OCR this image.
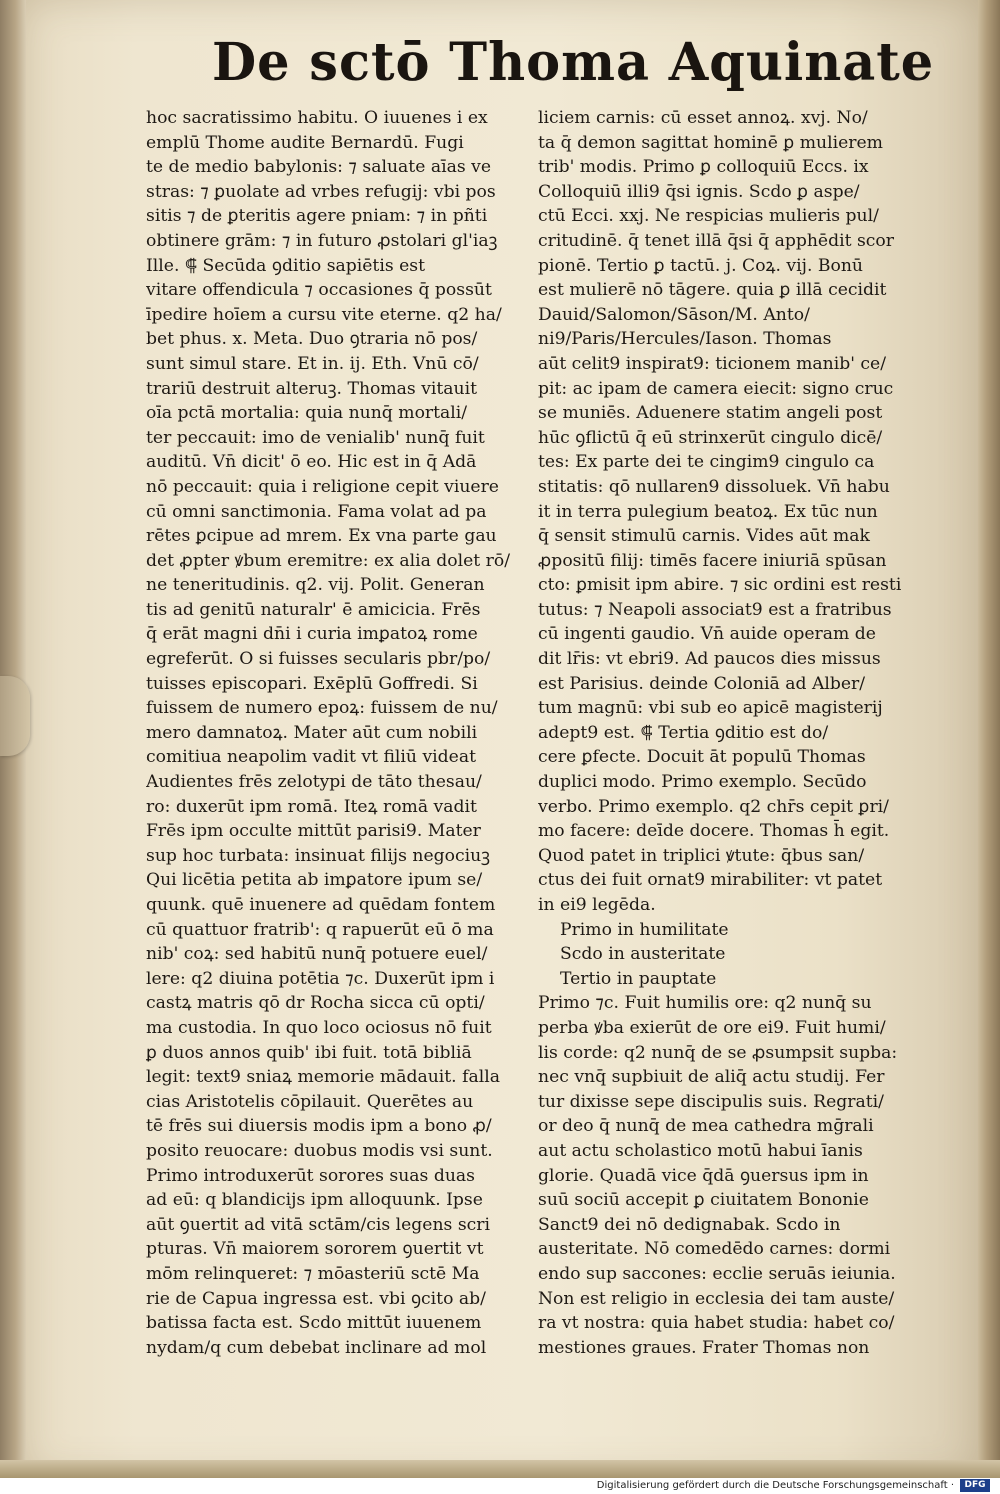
De sctō Thoma Aquinate
hoc sacratissimo habitu. O iuuenes i ex
emplū Thome audite Bernardū. Fugi
te de medio babylonis: ⁊ saluate aīas ve
stras: ⁊ ꝑuolate ad vrbes refugij: vbi pos
sitis ⁊ de ꝑteritis agere pniam: ⁊ in pñti
obtinere grām: ⁊ in futuro ꝓstolari gl'iaꝫ
Ille. ⸿ Secūda ꝯditio sapiētis est
vitare offendicula ⁊ occasiones q̄ possūt
īpedire hoīem a cursu vite eterne. q2 ha/
bet phus. x. Meta. Duo ꝯtraria nō pos/
sunt simul stare. Et in. ij. Eth. Vnū cō/
trariū destruit alteruꝫ. Thomas vitauit
oīa pctā mortalia: quia nunq̄ mortali/
ter peccauit: imo de venialib' nunq̄ fuit
auditū. Vn̄ dicit' ō eo. Hic est in q̄ Adā
nō peccauit: quia i religione cepit viuere
cū omni sanctimonia. Fama volat ad pa
rētes ꝑcipue ad mrem. Ex vna parte gau
det ꝓpter ꝟbum eremitre: ex alia dolet rō/
ne teneritudinis. q2. vij. Polit. Generan
tis ad genitū naturalr' ē amicicia. Frēs
q̄ erāt magni dn̄i i curia imꝑatoꝝ rome
egreferūt. O si fuisses secularis pbr/po/
tuisses episcopari. Exēplū Goffredi. Si
fuissem de numero epoꝝ: fuissem de nu/
mero damnatoꝝ. Mater aūt cum nobili
comitiua neapolim vadit vt filiū videat
Audientes frēs zelotypi de tāto thesau/
ro: duxerūt ipm romā. Iteꝝ romā vadit
Frēs ipm occulte mittūt parisi9. Mater
sup hoc turbata: insinuat filijs negociuꝫ
Qui licētia petita ab imꝑatore ipum se/
quunk. quē inuenere ad quēdam fontem
cū quattuor fratrib': q rapuerūt eū ō ma
nib' coꝝ: sed habitū nunq̄ potuere euel/
lere: q2 diuina potētia ⁊c. Duxerūt ipm i
castꝝ matris qō dr Rocha sicca cū opti/
ma custodia. In quo loco ociosus nō fuit
ꝑ duos annos quib' ibi fuit. totā bibliā
legit: text9 sniaꝝ memorie mādauit. falla
cias Aristotelis cōpilauit. Querētes au
tē frēs sui diuersis modis ipm a bono ꝓ/
posito reuocare: duobus modis vsi sunt.
Primo introduxerūt sorores suas duas
ad eū: q blandicijs ipm alloquunk. Ipse
aūt ꝯuertit ad vitā sctām/cis legens scri
pturas. Vn̄ maiorem sororem ꝯuertit vt
mōm relinqueret: ⁊ mōasteriū sctē Ma
rie de Capua ingressa est. vbi ꝯcito ab/
batissa facta est. Scdo mittūt iuuenem
nydam/q cum debebat inclinare ad mol
liciem carnis: cū esset annoꝝ. xvj. No/
ta q̄ demon sagittat hominē ꝑ mulierem
trib' modis. Primo ꝑ colloquiū Eccs. ix
Colloquiū illi9 q̄si ignis. Scdo ꝑ aspe/
ctū Ecci. xxj. Ne respicias mulieris pul/
critudinē. q̄ tenet illā q̄si q̄ apphēdit scor
pionē. Tertio ꝑ tactū. j. Coꝝ. vij. Bonū
est mulierē nō tāgere. quia ꝑ illā cecidit
Dauid/Salomon/Sāson/M. Anto/
ni9/Paris/Hercules/Iason. Thomas
aūt celit9 inspirat9: ticionem manib' ce/
pit: ac ipam de camera eiecit: signo cruc
se muniēs. Aduenere statim angeli post
hūc ꝯflictū q̄ eū strinxerūt cingulo dicē/
tes: Ex parte dei te cingim9 cingulo ca
stitatis: qō nullaren9 dissoluek. Vn̄ habu
it in terra pulegium beatoꝝ. Ex tūc nun
q̄ sensit stimulū carnis. Vides aūt mak
ꝓpositū filij: timēs facere iniuriā spūsan
cto: ꝑmisit ipm abire. ⁊ sic ordini est resti
tutus: ⁊ Neapoli associat9 est a fratribus
cū ingenti gaudio. Vn̄ auide operam de
dit lr̄is: vt ebri9. Ad paucos dies missus
est Parisius. deinde Coloniā ad Alber/
tum magnū: vbi sub eo apicē magisterij
adept9 est. ⸿ Tertia ꝯditio est do/
cere ꝑfecte. Docuit āt populū Thomas
duplici modo. Primo exemplo. Secūdo
verbo. Primo exemplo. q2 chr̄s cepit ꝑri/
mo facere: deīde docere. Thomas h̄ egit.
Quod patet in triplici ꝟtute: q̄bus san/
ctus dei fuit ornat9 mirabiliter: vt patet
in ei9 legēda.
Primo in humilitate
Scdo in austeritate
Tertio in pauptate
Primo ⁊c. Fuit humilis ore: q2 nunq̄ su
perba ꝟba exierūt de ore ei9. Fuit humi/
lis corde: q2 nunq̄ de se ꝓsumpsit supba:
nec vnq̄ supbiuit de aliq̄ actu studij. Fer
tur dixisse sepe discipulis suis. Regrati/
or deo q̄ nunq̄ de mea cathedra mḡrali
aut actu scholastico motū habui īanis
glorie. Quadā vice q̄dā ꝯuersus ipm in
suū sociū accepit ꝑ ciuitatem Bononie
Sanct9 dei nō dedignabak. Scdo in
austeritate. Nō comedēdo carnes: dormi
endo sup saccones: ecclie seruās ieiunia.
Non est religio in ecclesia dei tam auste/
ra vt nostra: quia habet studia: habet co/
mestiones graues. Frater Thomas non
Digitalisierung gefördert durch die Deutsche Forschungsgemeinschaft ·	DFG
